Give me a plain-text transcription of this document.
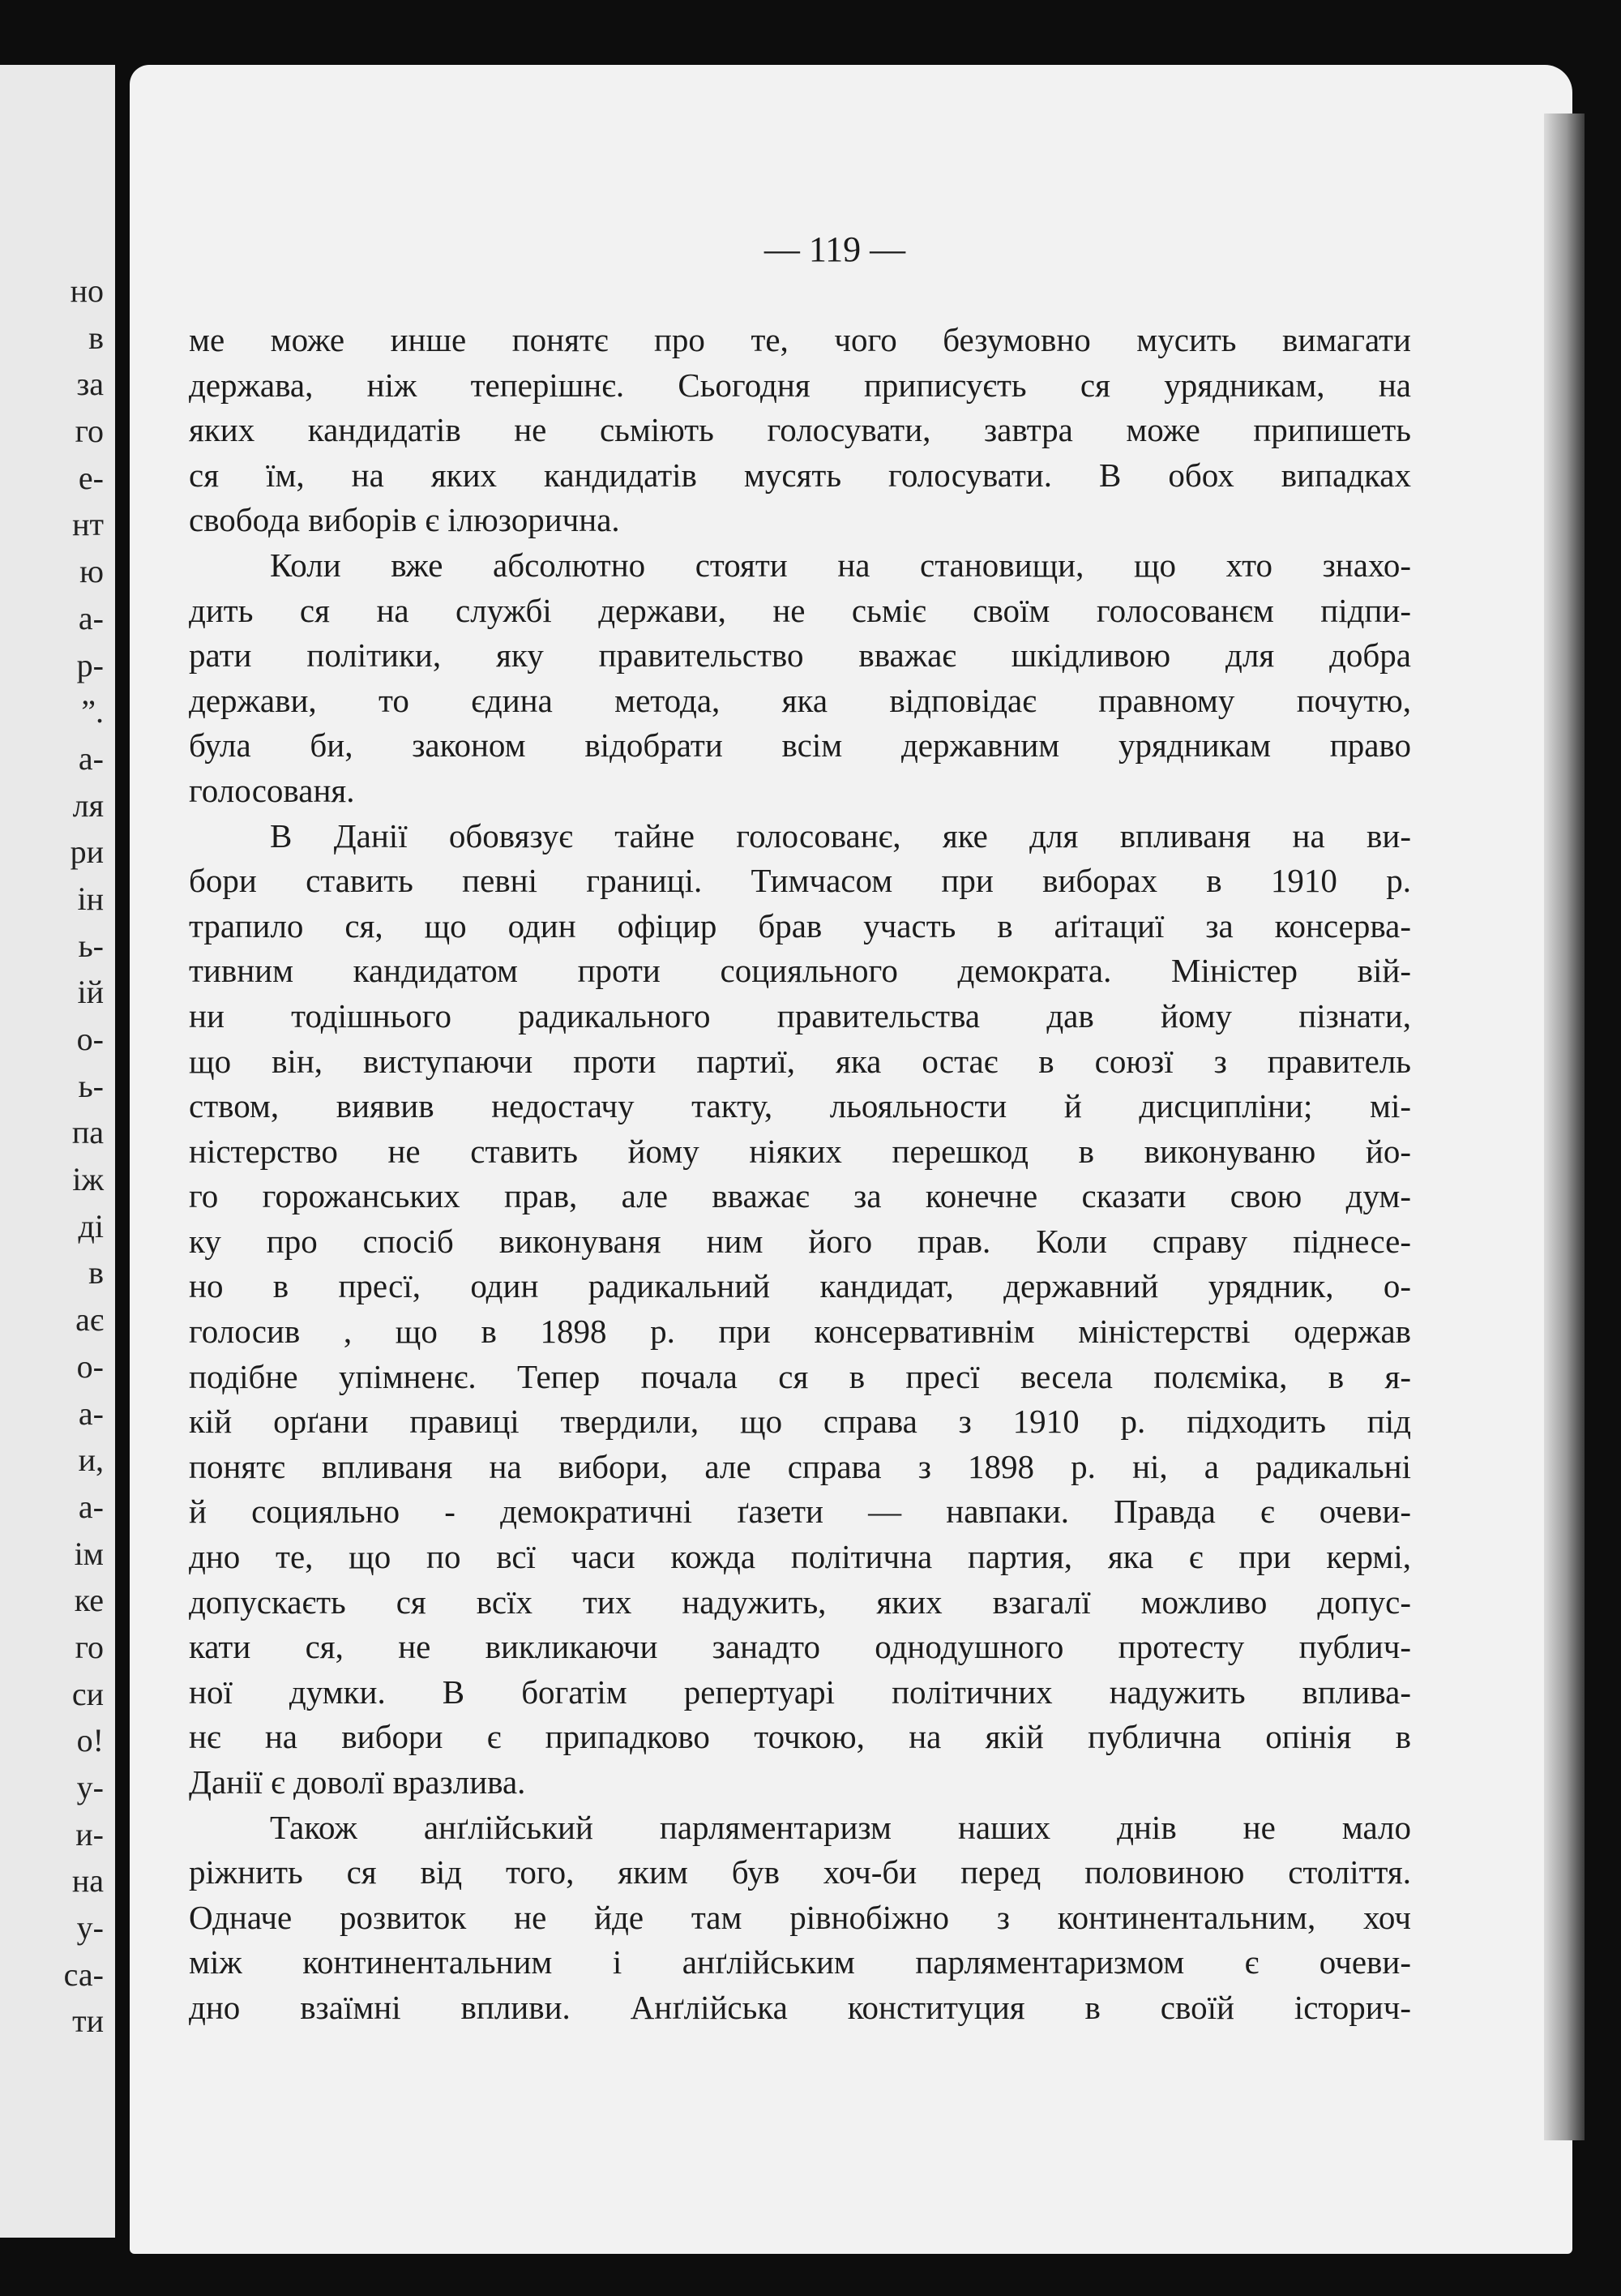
но
в
за
го
е-
нт
ю
а-
р-
”.
а-
ля
ри
ін
ь-
ій
о-
ь-
па
іж
ді
в
ає
о-
а-
и,
а-
ім
ке
го
си
о!
у-
и-
на
у-
са-
ти
— 119 —
ме може инше понятє про те, чого безумовно мусить вимагати
держава, ніж теперішнє. Сьогодня приписуєть ся урядникам, на
яких кандидатів не сьміють голосувати, завтра може припишеть
ся їм, на яких кандидатів мусять голосувати. В обох випадках
свобода виборів є ілюзорична.
Коли вже абсолютно стояти на становищи, що хто знахо-
дить ся на службі держави, не сьміє своїм голосованєм підпи-
рати політики, яку правительство вважає шкідливою для добра
держави, то єдина метода, яка відповідає правному почутю,
була би, законом відобрати всім державним урядникам право
голосованя.
В Данії обовязує тайне голосованє, яке для впливаня на ви-
бори ставить певні границі. Тимчасом при виборах в 1910 р.
трапило ся, що один офіцир брав участь в аґітациї за консерва-
тивним кандидатом проти социяльного демократа. Міністер вій-
ни тодішнього радикального правительства дав йому пізнати,
що він, виступаючи проти партиї, яка остає в союзї з правитель
ством, виявив недостачу такту, льояльности й дисципліни; мі-
ністерство не ставить йому ніяких перешкод в виконуваню йо-
го горожанських прав, але вважає за конечне сказати свою дум-
ку про спосіб виконуваня ним його прав. Коли справу піднесе-
но в пресї, один радикальний кандидат, державний урядник, о-
голосив , що в 1898 р. при консервативнім міністерстві одержав
подібне упімненє. Тепер почала ся в пресї весела полєміка, в я-
кій орґани правиці твердили, що справа з 1910 р. підходить під
понятє впливаня на вибори, але справа з 1898 р. ні, а радикальні
й социяльно - демократичні ґазети — навпаки. Правда є очеви-
дно те, що по всї часи кожда політична партия, яка є при кермі,
допускаєть ся всїх тих надужить, яких взагалї можливо допус-
кати ся, не викликаючи занадто однодушного протесту публич-
ної думки. В богатім репертуарі політичних надужить вплива-
нє на вибори є припадково точкою, на якій публична опінія в
Данії є доволї вразлива.
Також анґлійський парляментаризм наших днів не мало
ріжнить ся від того, яким був хоч-би перед половиною століття.
Одначе розвиток не йде там рівнобіжно з континентальним, хоч
між континентальним і анґлійським парляментаризмом є очеви-
дно взаїмні впливи. Анґлійська конституция в своїй історич-
